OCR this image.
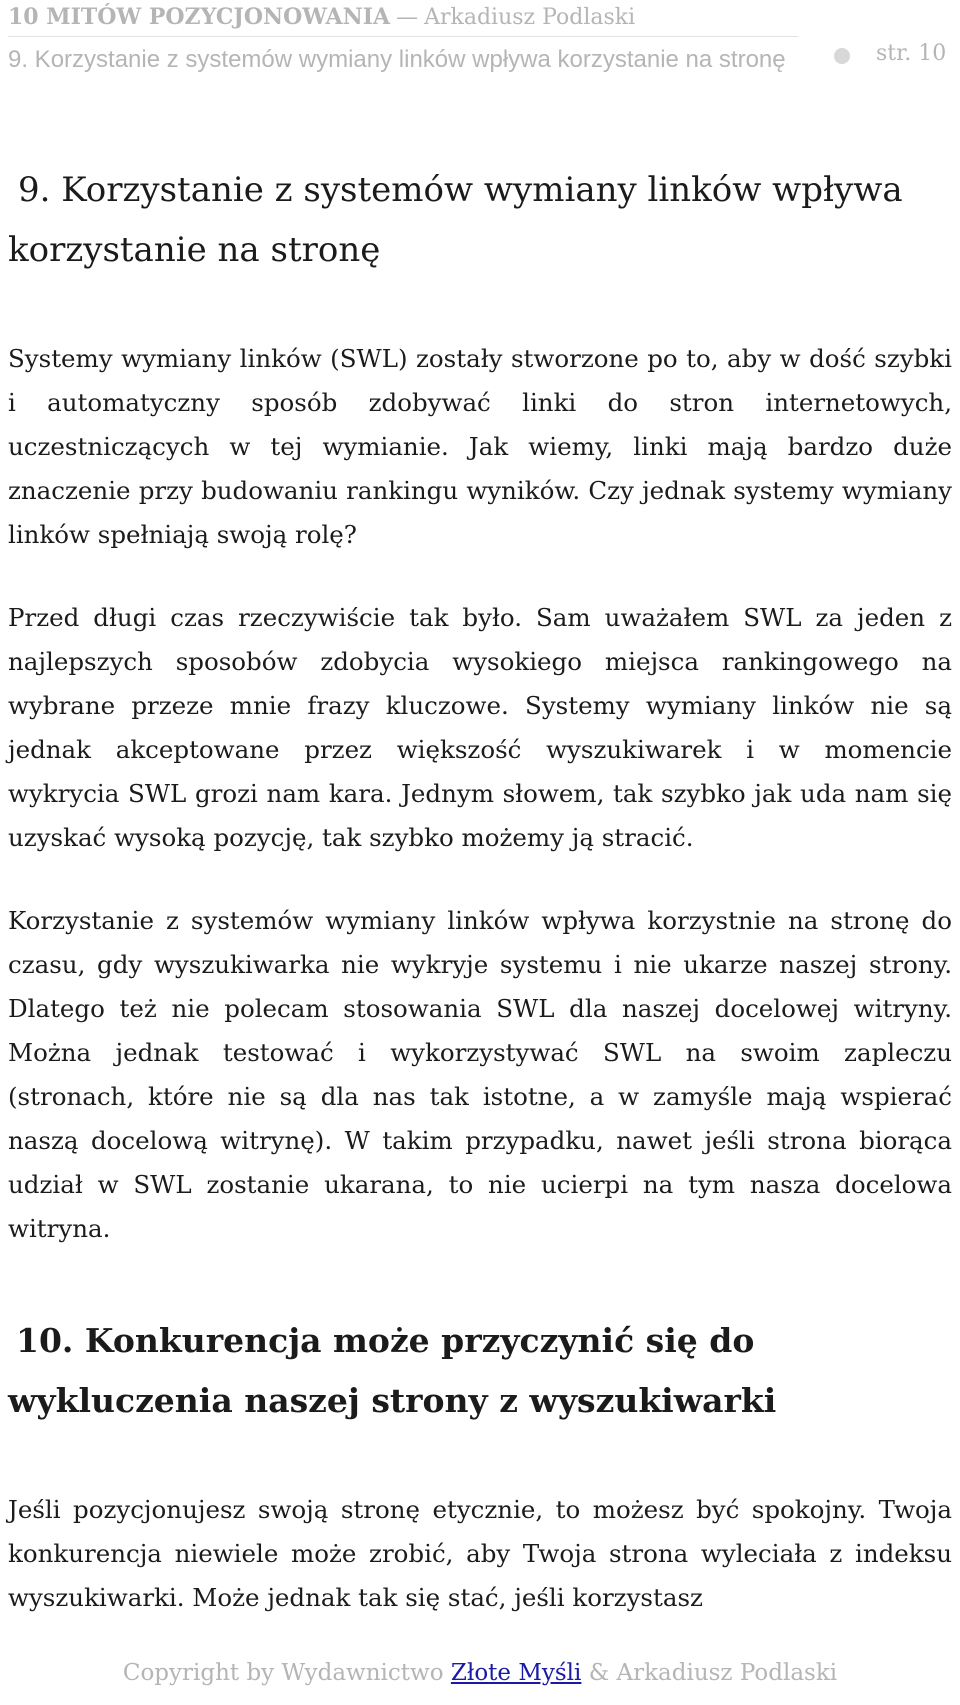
10 MITÓW POZYCJONOWANIA — Arkadiusz Podlaski
9. Korzystanie z systemów wymiany linków wpływa korzystanie na stronę	str. 10
9. Korzystanie z systemów wymiany linków wpływa korzystanie na stronę

Systemy wymiany linków (SWL) zostały stworzone po to, aby w dość szybki i automatyczny sposób zdobywać linki do stron internetowych, uczestniczących w tej wymianie. Jak wiemy, linki mają bardzo duże znaczenie przy budowaniu rankingu wyników. Czy jednak systemy wymiany linków spełniają swoją rolę?

Przed długi czas rzeczywiście tak było. Sam uważałem SWL za jeden z najlepszych sposobów zdobycia wysokiego miejsca rankingowego na wybrane przeze mnie frazy kluczowe. Systemy wymiany linków nie są jednak akceptowane przez większość wyszukiwarek i w momencie wykrycia SWL grozi nam kara. Jednym słowem, tak szybko jak uda nam się uzyskać wysoką pozycję, tak szybko możemy ją stracić.

Korzystanie z systemów wymiany linków wpływa korzystnie na stronę do czasu, gdy wyszukiwarka nie wykryje systemu i nie ukarze naszej strony. Dlatego też nie polecam stosowania SWL dla naszej docelowej witryny. Można jednak testować i wykorzystywać SWL na swoim zapleczu (stronach, które nie są dla nas tak istotne, a w zamyśle mają wspierać naszą docelową witrynę). W takim przypadku, nawet jeśli strona biorąca udział w SWL zostanie ukarana, to nie ucierpi na tym nasza docelowa witryna.

10. Konkurencja może przyczynić się do wykluczenia naszej strony z wyszukiwarki

Jeśli pozycjonujesz swoją stronę etycznie, to możesz być spokojny. Twoja konkurencja niewiele może zrobić, aby Twoja strona wyleciała z indeksu wyszukiwarki. Może jednak tak się stać, jeśli korzystasz

Copyright by Wydawnictwo Złote Myśli & Arkadiusz Podlaski
